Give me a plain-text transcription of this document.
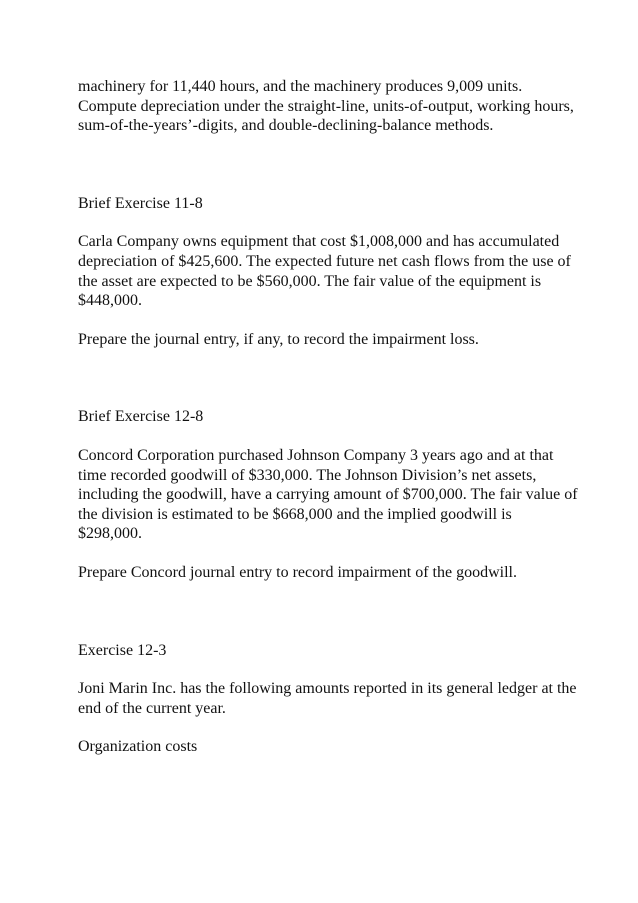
machinery for 11,440 hours, and the machinery produces 9,009 units. Compute depreciation under the straight-line, units-of-output, working hours, sum-of-the-years’-digits, and double-declining-balance methods.

Brief Exercise 11-8

Carla Company owns equipment that cost $1,008,000 and has accumulated depreciation of $425,600. The expected future net cash flows from the use of the asset are expected to be $560,000. The fair value of the equipment is $448,000.

Prepare the journal entry, if any, to record the impairment loss.

Brief Exercise 12-8

Concord Corporation purchased Johnson Company 3 years ago and at that time recorded goodwill of $330,000. The Johnson Division’s net assets, including the goodwill, have a carrying amount of $700,000. The fair value of the division is estimated to be $668,000 and the implied goodwill is $298,000.

Prepare Concord journal entry to record impairment of the goodwill.

Exercise 12-3

Joni Marin Inc. has the following amounts reported in its general ledger at the end of the current year.

Organization costs
